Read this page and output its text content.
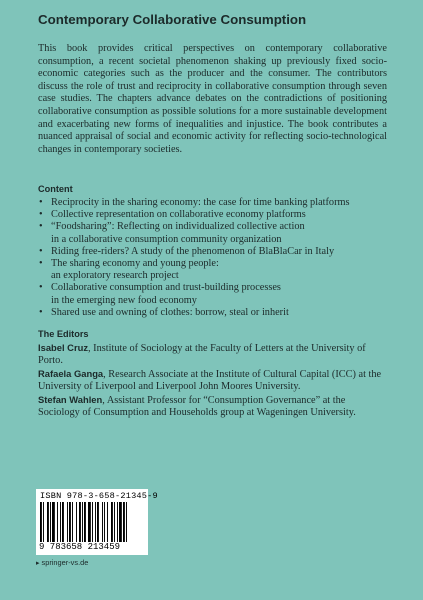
Contemporary Collaborative Consumption

This book provides critical perspectives on contemporary collaborative consumption, a recent societal phenomenon shaking up previously fixed socio-economic categories such as the producer and the consumer. The contributors discuss the role of trust and reciprocity in collaborative consumption through seven case studies. The chapters advance debates on the contradictions of positioning collaborative consumption as possible solutions for a more sustainable development and exacerbating new forms of inequalities and injustice. The book contributes a nuanced appraisal of social and economic activity for reflecting socio-technological changes in contemporary societies.

Content
• Reciprocity in the sharing economy: the case for time banking platforms
• Collective representation on collaborative economy platforms
• “Foodsharing”: Reflecting on individualized collective action
in a collaborative consumption community organization
• Riding free-riders? A study of the phenomenon of BlaBlaCar in Italy
• The sharing economy and young people:
an exploratory research project
• Collaborative consumption and trust-building processes
in the emerging new food economy
• Shared use and owning of clothes: borrow, steal or inherit
The Editors

Isabel Cruz, Institute of Sociology at the Faculty of Letters at the University of Porto.

Rafaela Ganga, Research Associate at the Institute of Cultural Capital (ICC) at the University of Liverpool and Liverpool John Moores University.

Stefan Wahlen, Assistant Professor for “Consumption Governance” at the Sociology of Consumption and Households group at Wageningen University.

ISBN 978-3-658-21345-9
9 783658 213459
▸ springer-vs.de
